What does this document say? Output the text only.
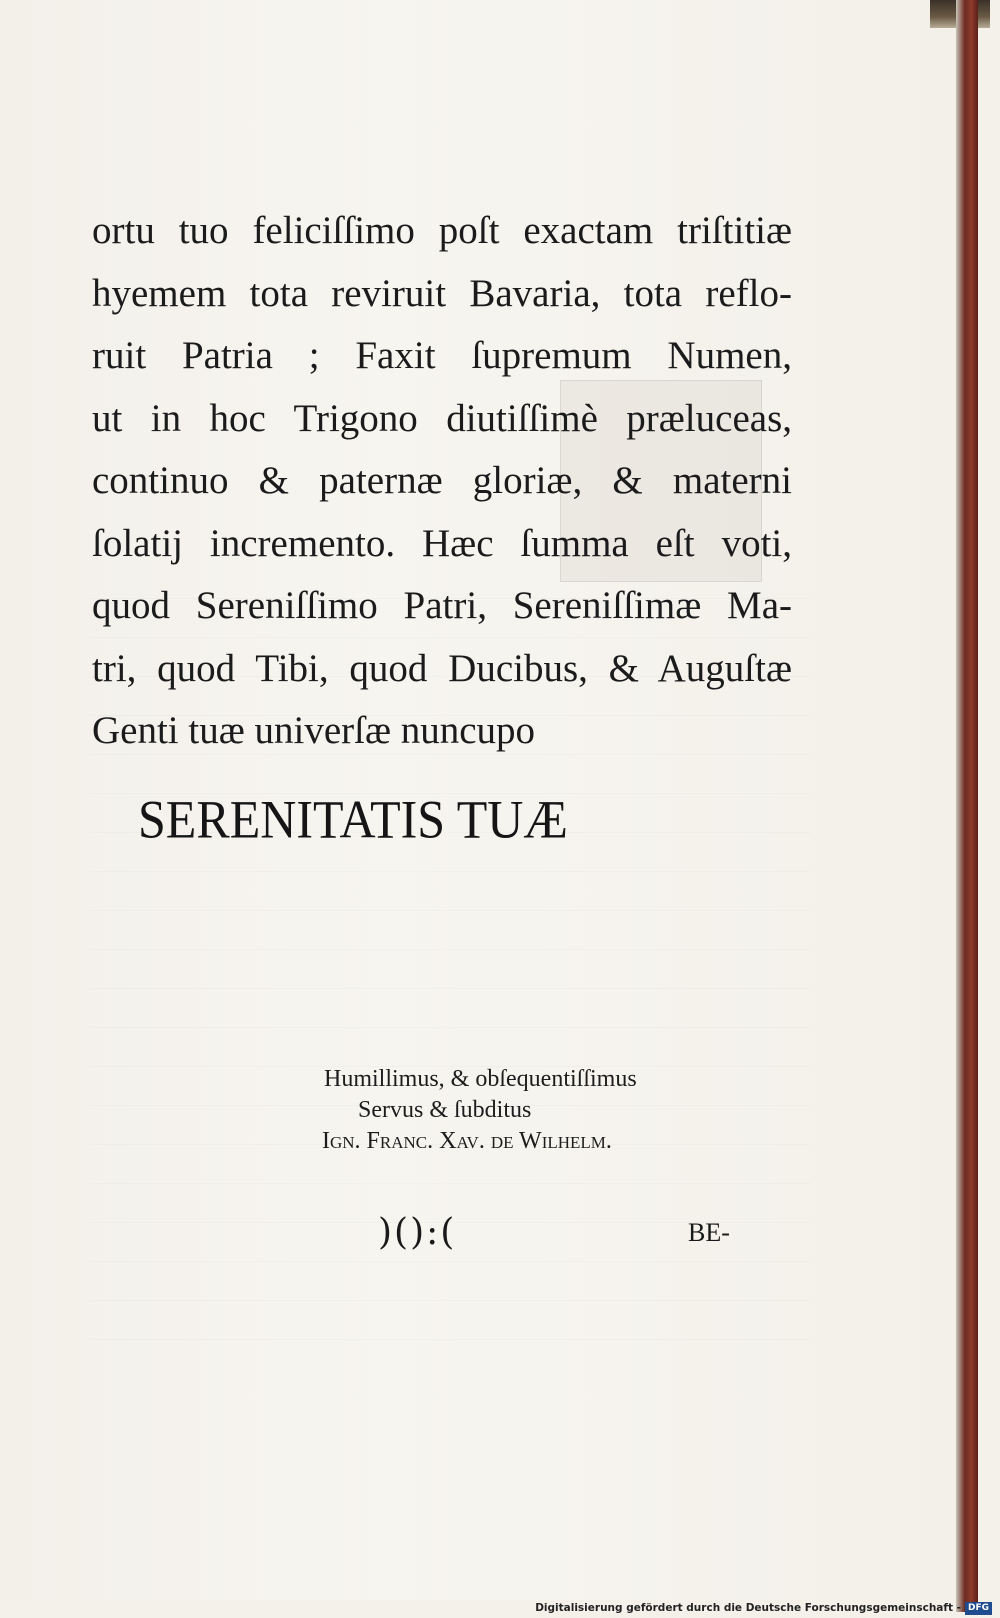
ortu tuo feliciſſimo poſt exactam triſtitiæ
hyemem tota reviruit Bavaria, tota reflo-
ruit Patria ; Faxit ſupremum Numen,
ut in hoc Trigono diutiſſimè præluceas,
continuo & paternæ gloriæ, & materni
ſolatij incremento. Hæc ſumma eſt voti,
quod Sereniſſimo Patri, Sereniſſimæ Ma-
tri, quod Tibi, quod Ducibus, & Auguſtæ
Genti tuæ univerſæ nuncupo
SERENITATIS TUÆ
Humillimus, & obſequentiſſimus
Servus & ſubditus
Ign. Franc. Xav. de Wilhelm.
)():(	BE-
Digitalisierung gefördert durch die Deutsche Forschungsgemeinschaft - DFG
